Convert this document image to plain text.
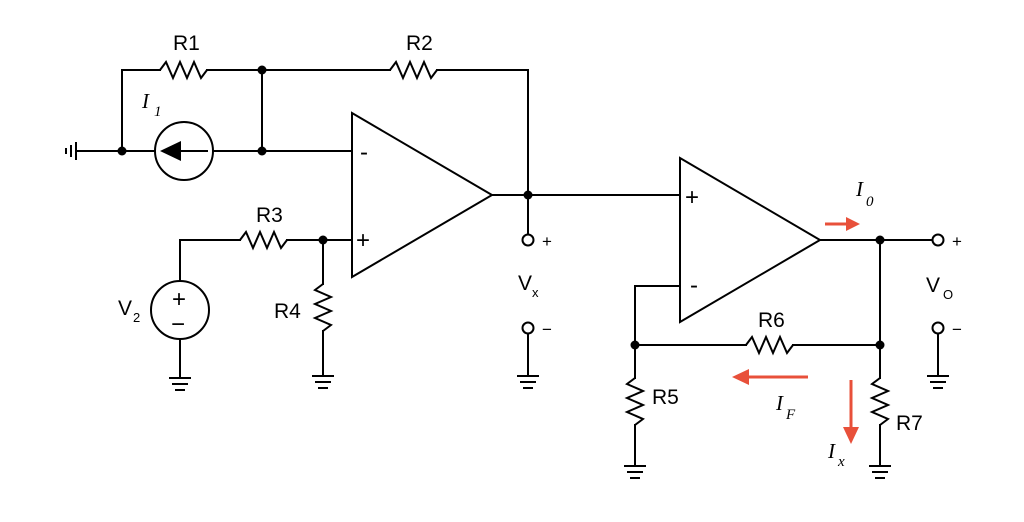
R1	R2
I 1
-
+	+
V x
−
R3
+
−
V 2	R4
+
-
+
V O
−
R6
R5
R7
I
0
I F
I x
